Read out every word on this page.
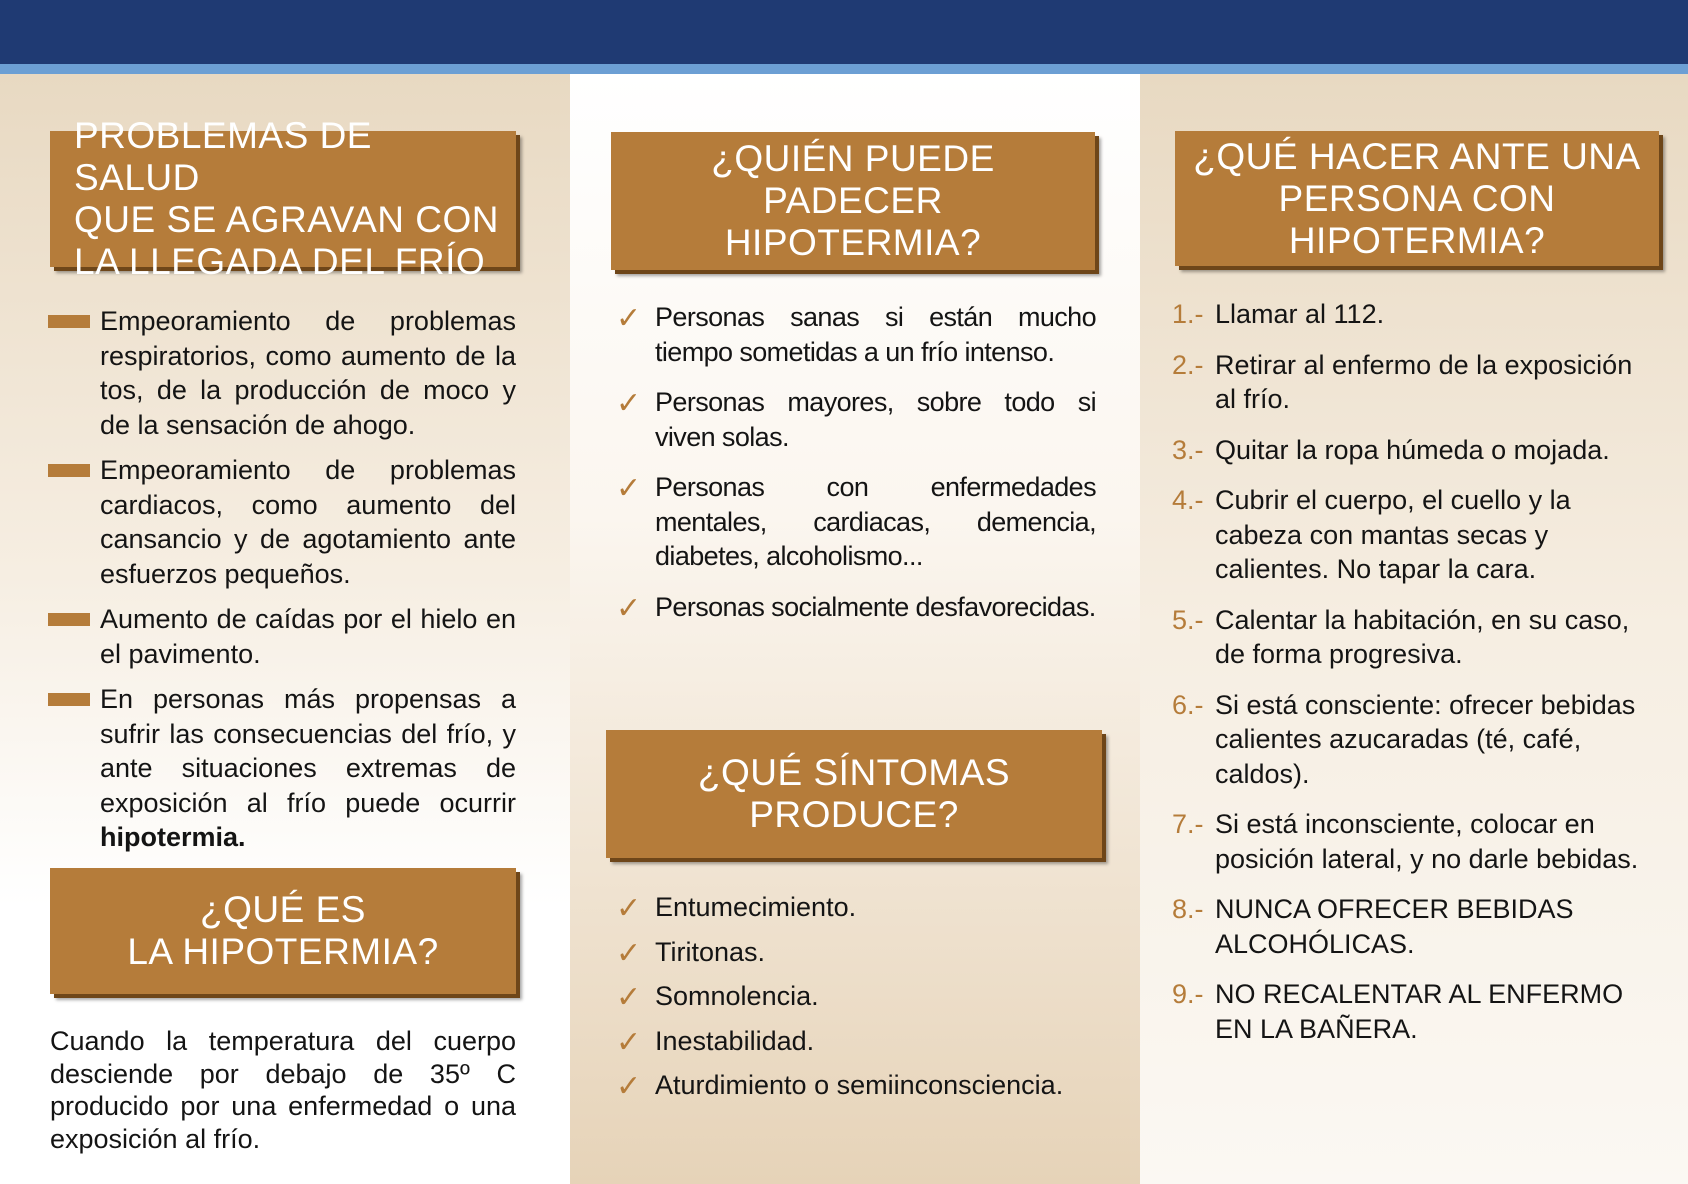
PROBLEMAS DE SALUD
QUE SE AGRAVAN CON
LA LLEGADA DEL FRÍO
Empeoramiento de problemas respiratorios, como aumento de la tos, de la producción de moco y de la sensación de ahogo.
Empeoramiento de problemas cardiacos, como aumento del cansancio y de agotamiento ante esfuerzos pequeños.
Aumento de caídas por el hielo en el pavimento.
En personas más propensas a sufrir las consecuencias del frío, y ante situaciones extremas de exposición al frío puede ocurrir hipotermia.
¿QUÉ ES
LA HIPOTERMIA?

Cuando la temperatura del cuerpo desciende por debajo de 35º C producido por una enfermedad o una exposición al frío.

¿QUIÉN PUEDE PADECER
HIPOTERMIA?
✓ Personas sanas si están mucho tiempo sometidas a un frío intenso.
✓ Personas mayores, sobre todo si viven solas.
✓ Personas con enfermedades mentales, cardiacas, demencia, diabetes, alcoholismo...
✓ Personas socialmente desfavorecidas.
¿QUÉ SÍNTOMAS
PRODUCE?
✓ Entumecimiento.
✓ Tiritonas.
✓ Somnolencia.
✓ Inestabilidad.
✓ Aturdimiento o semiinconsciencia.
¿QUÉ HACER ANTE UNA
PERSONA CON
HIPOTERMIA?
1.- Llamar al 112.
2.- Retirar al enfermo de la exposición al frío.
3.- Quitar la ropa húmeda o mojada.
4.- Cubrir el cuerpo, el cuello y la cabeza con mantas secas y calientes. No tapar la cara.
5.- Calentar la habitación, en su caso, de forma progresiva.
6.- Si está consciente: ofrecer bebidas calientes azucaradas (té, café, caldos).
7.- Si está inconsciente, colocar en posición lateral, y no darle bebidas.
8.- NUNCA OFRECER BEBIDAS ALCOHÓLICAS.
9.- NO RECALENTAR AL ENFERMO EN LA BAÑERA.
